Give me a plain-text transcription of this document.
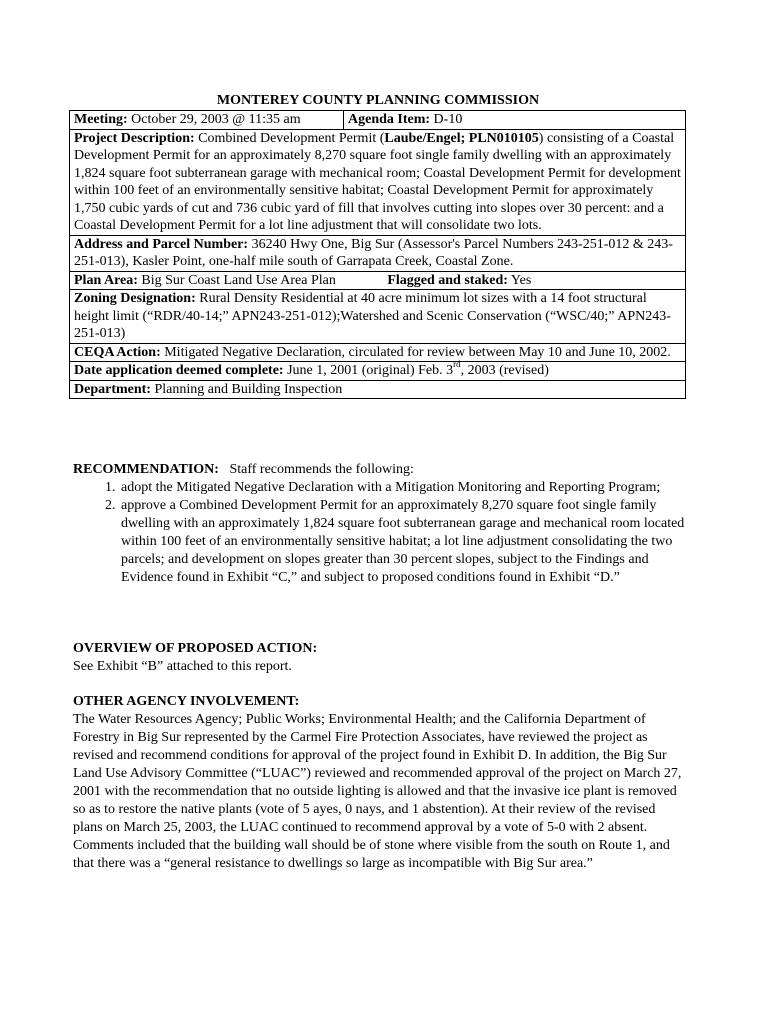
MONTEREY COUNTY PLANNING COMMISSION
Meeting: October 29, 2003 @ 11:35 am	Agenda Item: D-10
Project Description: Combined Development Permit (Laube/Engel; PLN010105) consisting of a Coastal Development Permit for an approximately 8,270 square foot single family dwelling with an approximately 1,824 square foot subterranean garage with mechanical room; Coastal Development Permit for development within 100 feet of an environmentally sensitive habitat; Coastal Development Permit for approximately 1,750 cubic yards of cut and 736 cubic yard of fill that involves cutting into slopes over 30 percent: and a Coastal Development Permit for a lot line adjustment that will consolidate two lots.
Address and Parcel Number: 36240 Hwy One, Big Sur (Assessor's Parcel Numbers 243-251-012 & 243-251-013), Kasler Point, one-half mile south of Garrapata Creek, Coastal Zone.
Plan Area: Big Sur Coast Land Use Area Plan	Flagged and staked: Yes
Zoning Designation: Rural Density Residential at 40 acre minimum lot sizes with a 14 foot structural height limit (“RDR/40-14;” APN243-251-012);Watershed and Scenic Conservation (“WSC/40;” APN243-251-013)
CEQA Action: Mitigated Negative Declaration, circulated for review between May 10 and June 10, 2002.
Date application deemed complete: June 1, 2001 (original) Feb. 3rd, 2003 (revised)
Department: Planning and Building Inspection

RECOMMENDATION: Staff recommends the following:

1. adopt the Mitigated Negative Declaration with a Mitigation Monitoring and Reporting Program;
2. approve a Combined Development Permit for an approximately 8,270 square foot single family dwelling with an approximately 1,824 square foot subterranean garage and mechanical room located within 100 feet of an environmentally sensitive habitat; a lot line adjustment consolidating the two parcels; and development on slopes greater than 30 percent slopes, subject to the Findings and Evidence found in Exhibit “C,” and subject to proposed conditions found in Exhibit “D.”

OVERVIEW OF PROPOSED ACTION:

See Exhibit “B” attached to this report.

OTHER AGENCY INVOLVEMENT:

The Water Resources Agency; Public Works; Environmental Health; and the California Department of Forestry in Big Sur represented by the Carmel Fire Protection Associates, have reviewed the project as revised and recommend conditions for approval of the project found in Exhibit D. In addition, the Big Sur Land Use Advisory Committee (“LUAC”) reviewed and recommended approval of the project on March 27, 2001 with the recommendation that no outside lighting is allowed and that the invasive ice plant is removed so as to restore the native plants (vote of 5 ayes, 0 nays, and 1 abstention). At their review of the revised plans on March 25, 2003, the LUAC continued to recommend approval by a vote of 5-0 with 2 absent. Comments included that the building wall should be of stone where visible from the south on Route 1, and that there was a “general resistance to dwellings so large as incompatible with Big Sur area.”
